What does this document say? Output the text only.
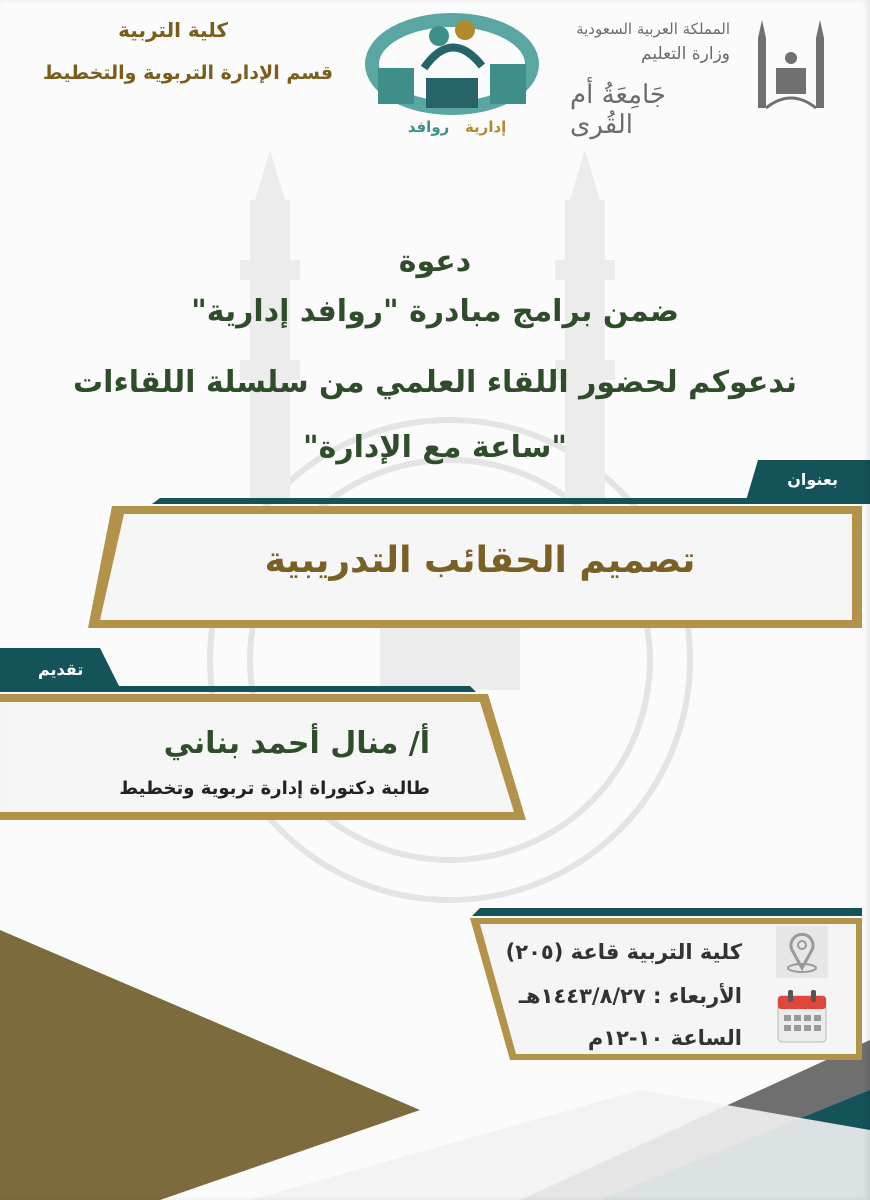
المملكة العربية السعودية
وزارة التعليم
جَامِعَةُ أم القُرى
إدارية   روافد
كلية التربية
قسم الإدارة التربوية والتخطيط
دعوة
ضمن برامج مبادرة "روافد إدارية"
ندعوكم لحضور اللقاء العلمي من سلسلة اللقاءات
"ساعة مع الإدارة"
بعنوان
تصميم الحقائب التدريبية
تقديم
أ/ منال أحمد بناني
طالبة دكتوراة إدارة تربوية وتخطيط
كلية التربية قاعة (٢٠٥)
الأربعاء : ١٤٤٣/٨/٢٧هـ
الساعة ١٠-١٢م
